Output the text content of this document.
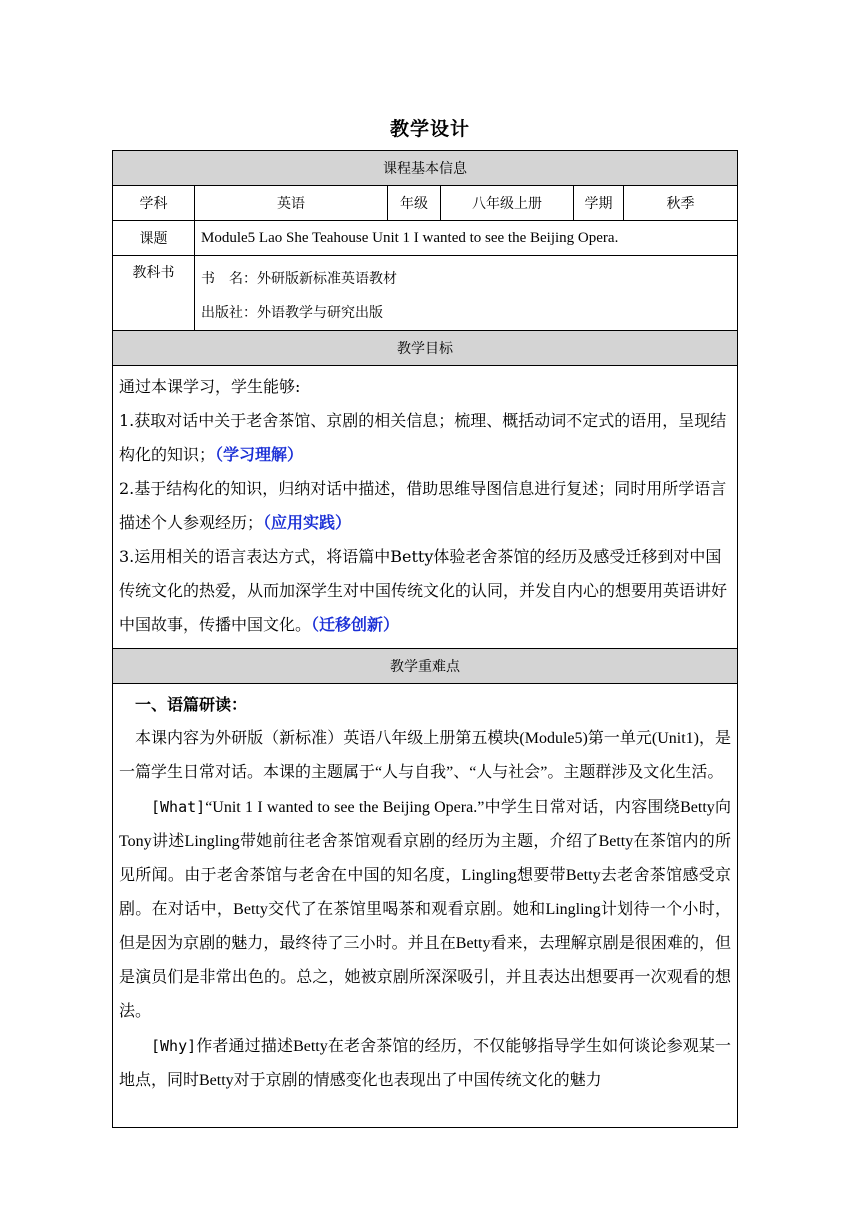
教学设计
课程基本信息					
学科	英语	年级	八年级上册	学期	秋季
课题	Module5 Lao She Teahouse Unit 1 I wanted to see the Beijing Opera.				
教科书	书　名：外研版新标准英语教材
出版社：外语教学与研究出版				

教学目标					

通过本课学习，学生能够:

1.获取对话中关于老舍茶馆、京剧的相关信息；梳理、概括动词不定式的语用，呈现结构化的知识；（学习理解）

2.基于结构化的知识，归纳对话中描述，借助思维导图信息进行复述；同时用所学语言描述个人参观经历；（应用实践）

3.运用相关的语言表达方式，将语篇中Betty体验老舍茶馆的经历及感受迁移到对中国传统文化的热爱，从而加深学生对中国传统文化的认同，并发自内心的想要用英语讲好中国故事，传播中国文化。（迁移创新）					

教学重难点					

一、语篇研读：

本课内容为外研版（新标准）英语八年级上册第五模块(Module5)第一单元(Unit1)，是一篇学生日常对话。本课的主题属于“人与自我”、“人与社会”。主题群涉及文化生活。

[What]“Unit 1 I wanted to see the Beijing Opera.”中学生日常对话，内容围绕Betty向Tony讲述Lingling带她前往老舍茶馆观看京剧的经历为主题，介绍了Betty在茶馆内的所见所闻。由于老舍茶馆与老舍在中国的知名度，Lingling想要带Betty去老舍茶馆感受京剧。在对话中，Betty交代了在茶馆里喝茶和观看京剧。她和Lingling计划待一个小时，但是因为京剧的魅力，最终待了三小时。并且在Betty看来，去理解京剧是很困难的，但是演员们是非常出色的。总之，她被京剧所深深吸引，并且表达出想要再一次观看的想法。

[Why]作者通过描述Betty在老舍茶馆的经历，不仅能够指导学生如何谈论参观某一地点，同时Betty对于京剧的情感变化也表现出了中国传统文化的魅力					
